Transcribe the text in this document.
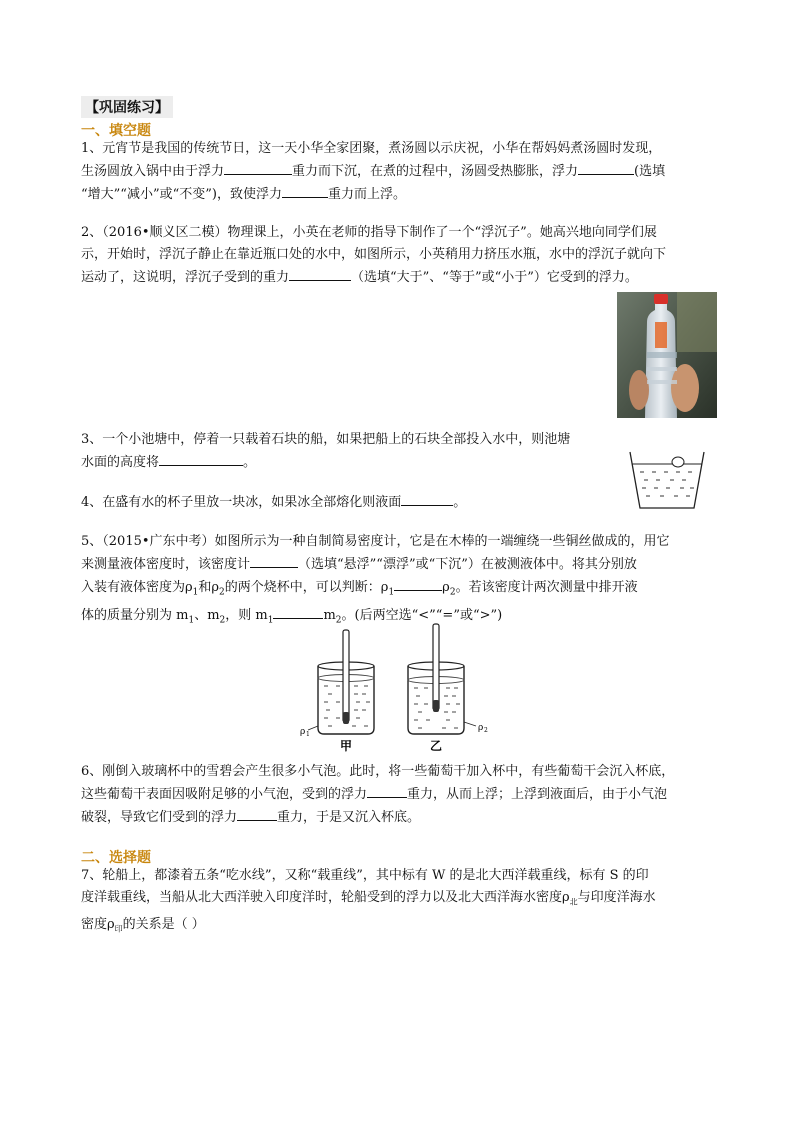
【巩固练习】
一、填空题
1、元宵节是我国的传统节日，这一天小华全家团聚，煮汤圆以示庆祝，小华在帮妈妈煮汤圆时发现，
生汤圆放入锅中由于浮力	重力而下沉，在煮的过程中，汤圆受热膨胀，浮力	(选填
“增大”“减小”或“不变”)，致使浮力	重力而上浮。
2、（2016•顺义区二模）物理课上，小英在老师的指导下制作了一个“浮沉子”。她高兴地向同学们展
示，开始时，浮沉子静止在靠近瓶口处的水中，如图所示，小英稍用力挤压水瓶，水中的浮沉子就向下
运动了，这说明，浮沉子受到的重力	（选填“大于”、“等于”或“小于”）它受到的浮力。
3、一个小池塘中，停着一只载着石块的船，如果把船上的石块全部投入水中，则池塘
水面的高度将	。
4、在盛有水的杯子里放一块冰，如果冰全部熔化则液面	。
5、（2015•广东中考）如图所示为一种自制简易密度计，它是在木棒的一端缠绕一些铜丝做成的，用它
来测量液体密度时，该密度计	（选填“悬浮”“漂浮”或“下沉”）在被测液体中。将其分别放
入装有液体密度为$\rho_1$和$\rho_2$的两个烧杯中，可以判断：$\rho_1$	$\rho_2$。若该密度计两次测量中排开液
体的质量分别为 $m_1$、$m_2$，则 $m_1$	$m_2$。(后两空选“<”“=”或“>”)
ρ 1
甲
ρ 2
乙
6、刚倒入玻璃杯中的雪碧会产生很多小气泡。此时，将一些葡萄干加入杯中，有些葡萄干会沉入杯底，
这些葡萄干表面因吸附足够的小气泡，受到的浮力	重力，从而上浮；上浮到液面后，由于小气泡
破裂，导致它们受到的浮力	重力，于是又沉入杯底。
二、选择题
7、轮船上，都漆着五条“吃水线”，又称“载重线”，其中标有 W 的是北大西洋载重线，标有 S 的印
度洋载重线，当船从北大西洋驶入印度洋时，轮船受到的浮力以及北大西洋海水密度$\rho_北$与印度洋海水
密度$\rho_印$的关系是（ ）
